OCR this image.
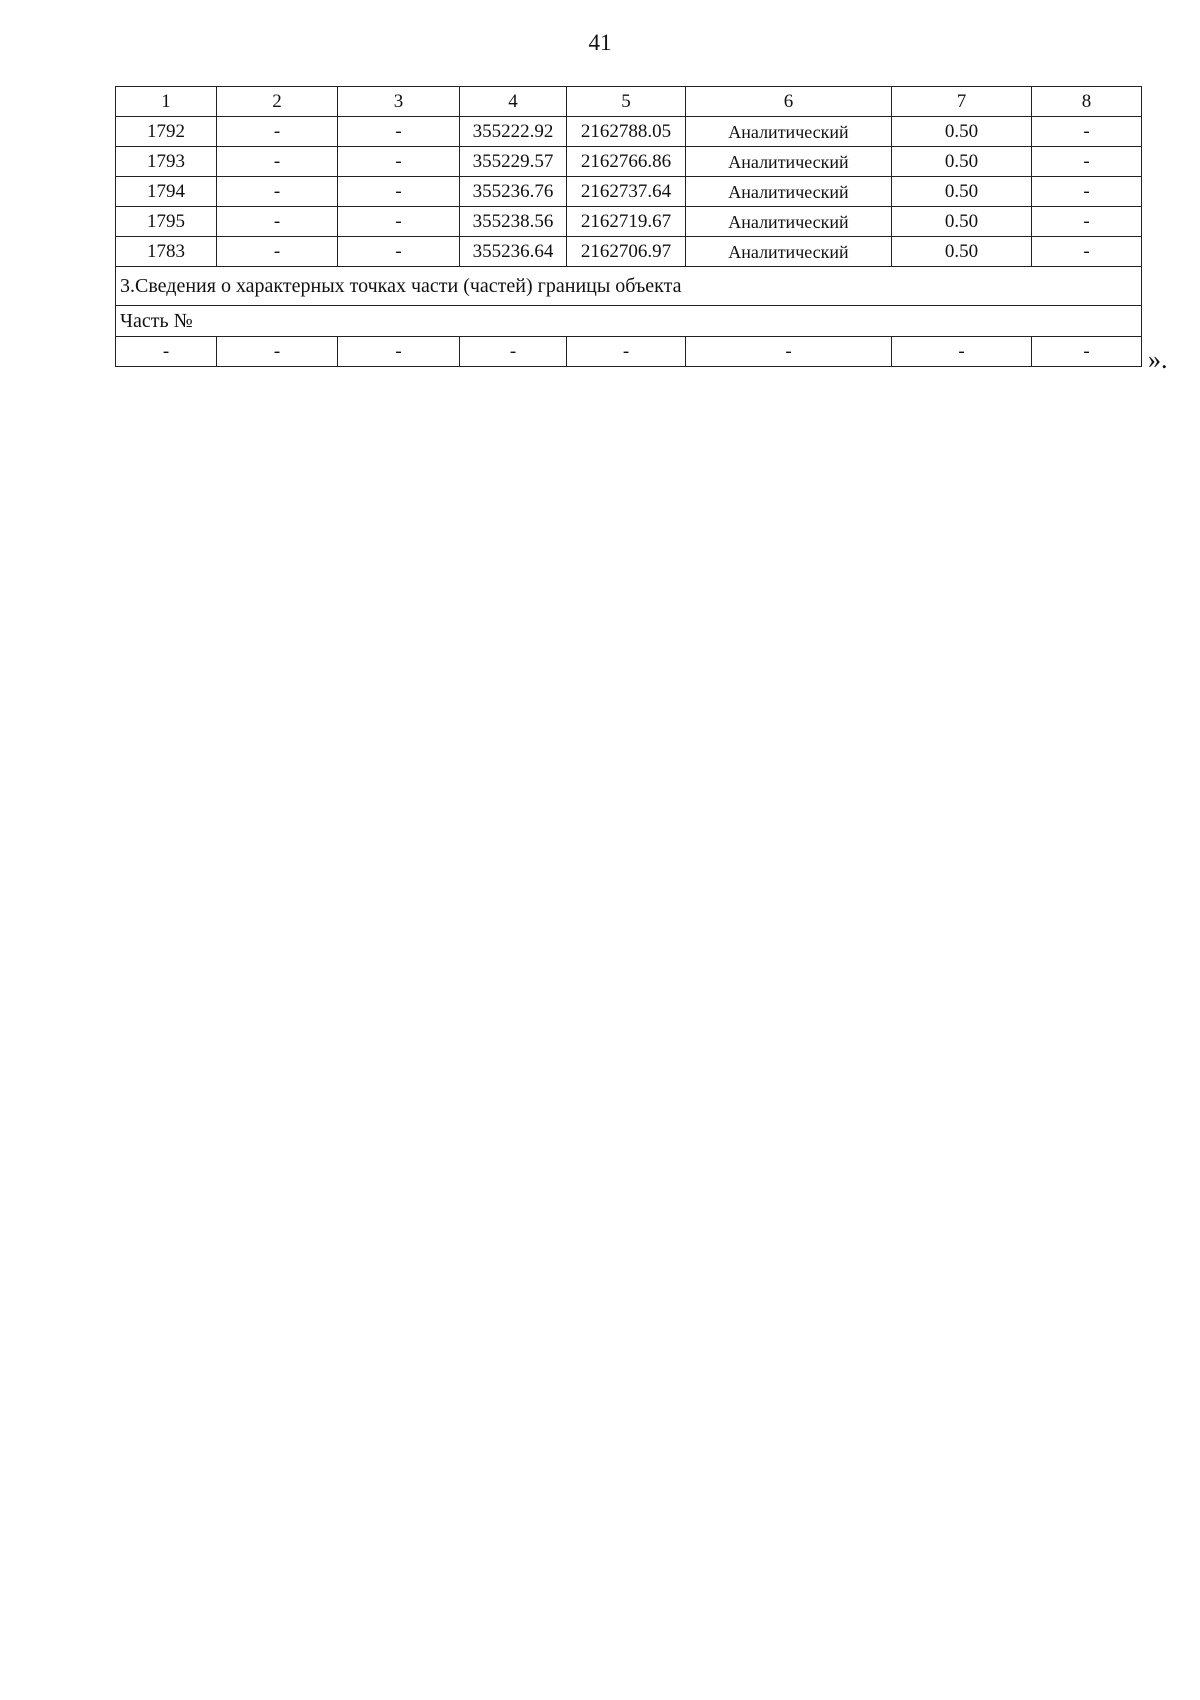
41
1	2	3	4	5	6	7	8
1792	-	-	355222.92	2162788.05	Аналитический	0.50	-
1793	-	-	355229.57	2162766.86	Аналитический	0.50	-
1794	-	-	355236.76	2162737.64	Аналитический	0.50	-
1795	-	-	355238.56	2162719.67	Аналитический	0.50	-
1783	-	-	355236.64	2162706.97	Аналитический	0.50	-
3.Сведения о характерных точках части (частей) границы объекта							
Часть №							
-	-	-	-	-	-	-	- ».
